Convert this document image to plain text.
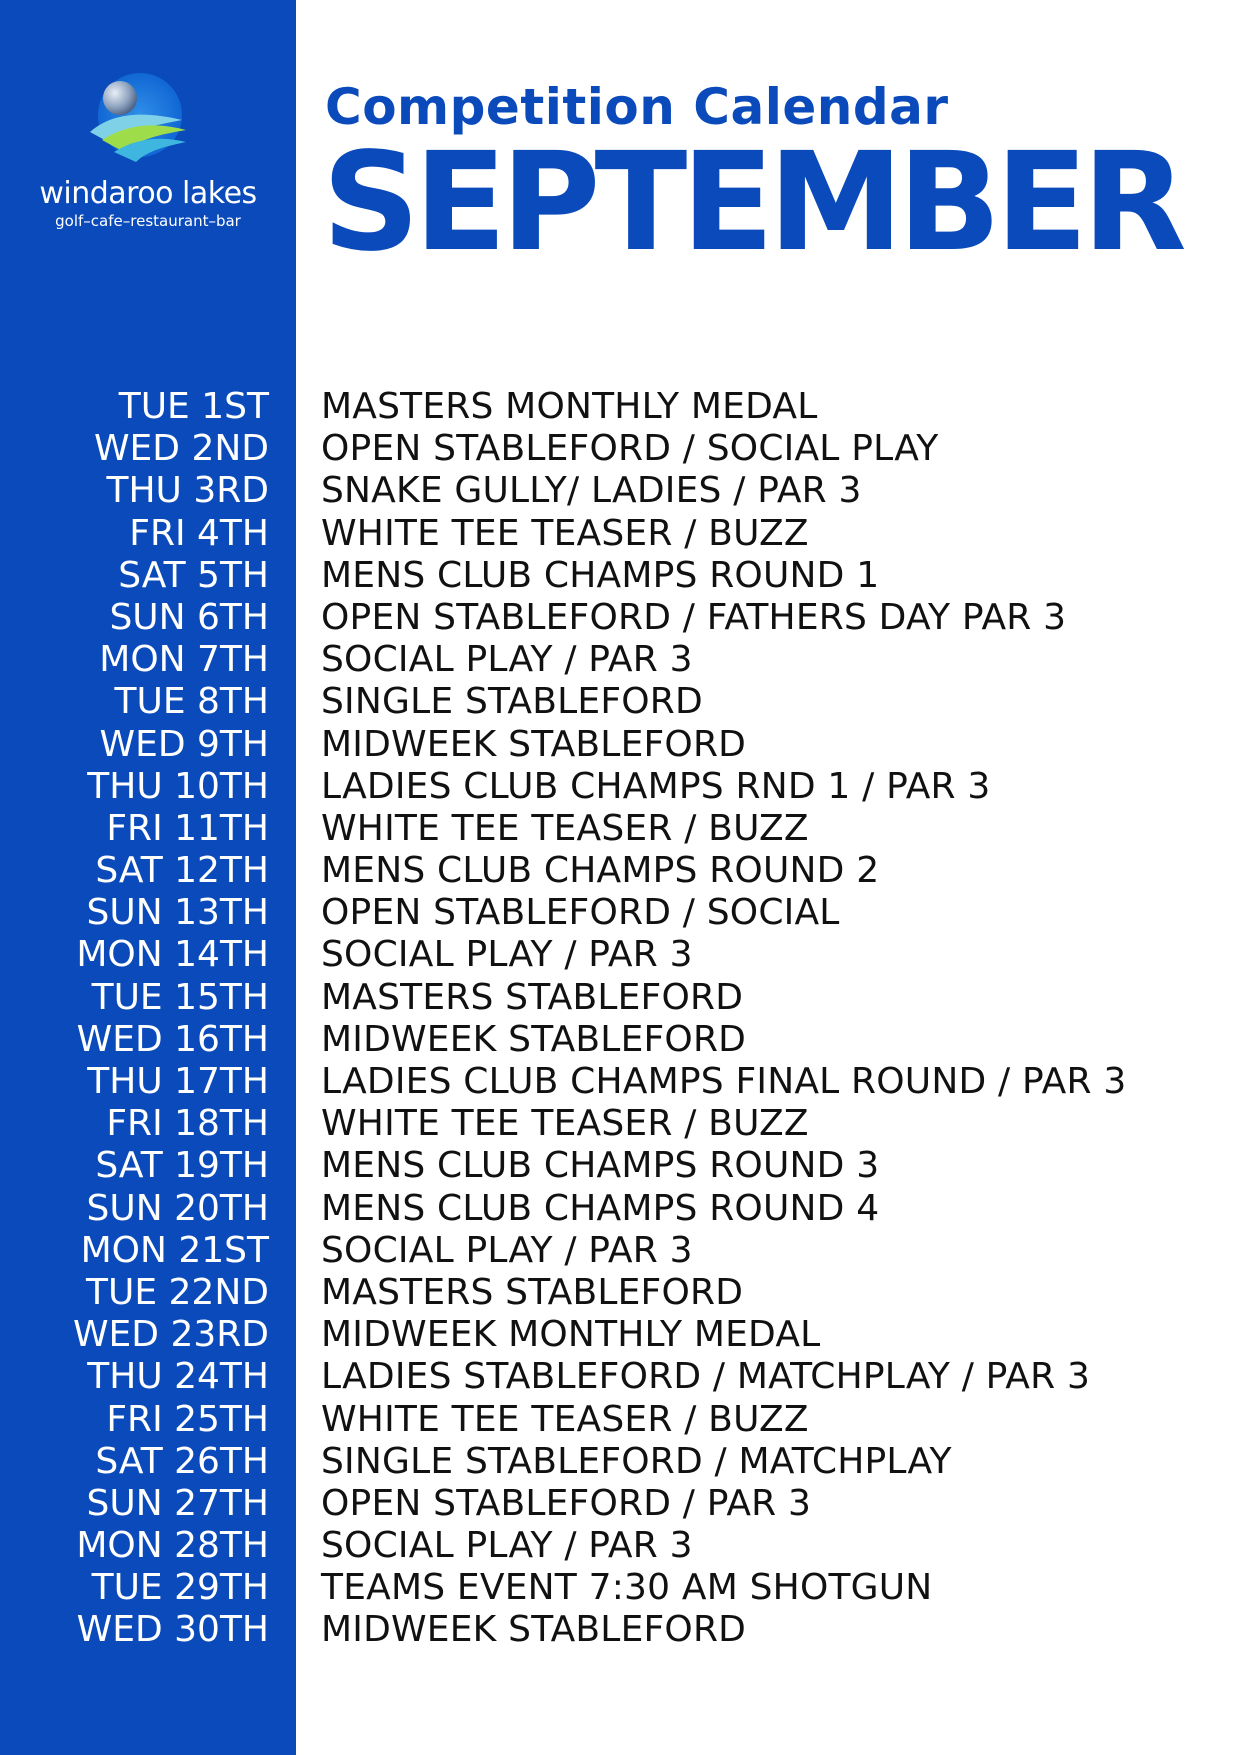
windaroo lakes
golf–cafe–restaurant–bar
Competition Calendar
SEPTEMBER
TUE 1ST MASTERS MONTHLY MEDAL
WED 2ND OPEN STABLEFORD / SOCIAL PLAY
THU 3RD SNAKE GULLY/ LADIES / PAR 3
FRI 4TH WHITE TEE TEASER / BUZZ
SAT 5TH MENS CLUB CHAMPS ROUND 1
SUN 6TH OPEN STABLEFORD / FATHERS DAY PAR 3
MON 7TH SOCIAL PLAY / PAR 3
TUE 8TH SINGLE STABLEFORD
WED 9TH MIDWEEK STABLEFORD
THU 10TH LADIES CLUB CHAMPS RND 1 / PAR 3
FRI 11TH WHITE TEE TEASER / BUZZ
SAT 12TH MENS CLUB CHAMPS ROUND 2
SUN 13TH OPEN STABLEFORD / SOCIAL
MON 14TH SOCIAL PLAY / PAR 3
TUE 15TH MASTERS STABLEFORD
WED 16TH MIDWEEK STABLEFORD
THU 17TH LADIES CLUB CHAMPS FINAL ROUND / PAR 3
FRI 18TH WHITE TEE TEASER / BUZZ
SAT 19TH MENS CLUB CHAMPS ROUND 3
SUN 20TH MENS CLUB CHAMPS ROUND 4
MON 21ST SOCIAL PLAY / PAR 3
TUE 22ND MASTERS STABLEFORD
WED 23RD MIDWEEK MONTHLY MEDAL
THU 24TH LADIES STABLEFORD / MATCHPLAY / PAR 3
FRI 25TH WHITE TEE TEASER / BUZZ
SAT 26TH SINGLE STABLEFORD / MATCHPLAY
SUN 27TH OPEN STABLEFORD / PAR 3
MON 28TH SOCIAL PLAY / PAR 3
TUE 29TH TEAMS EVENT 7:30 AM SHOTGUN
WED 30TH MIDWEEK STABLEFORD
